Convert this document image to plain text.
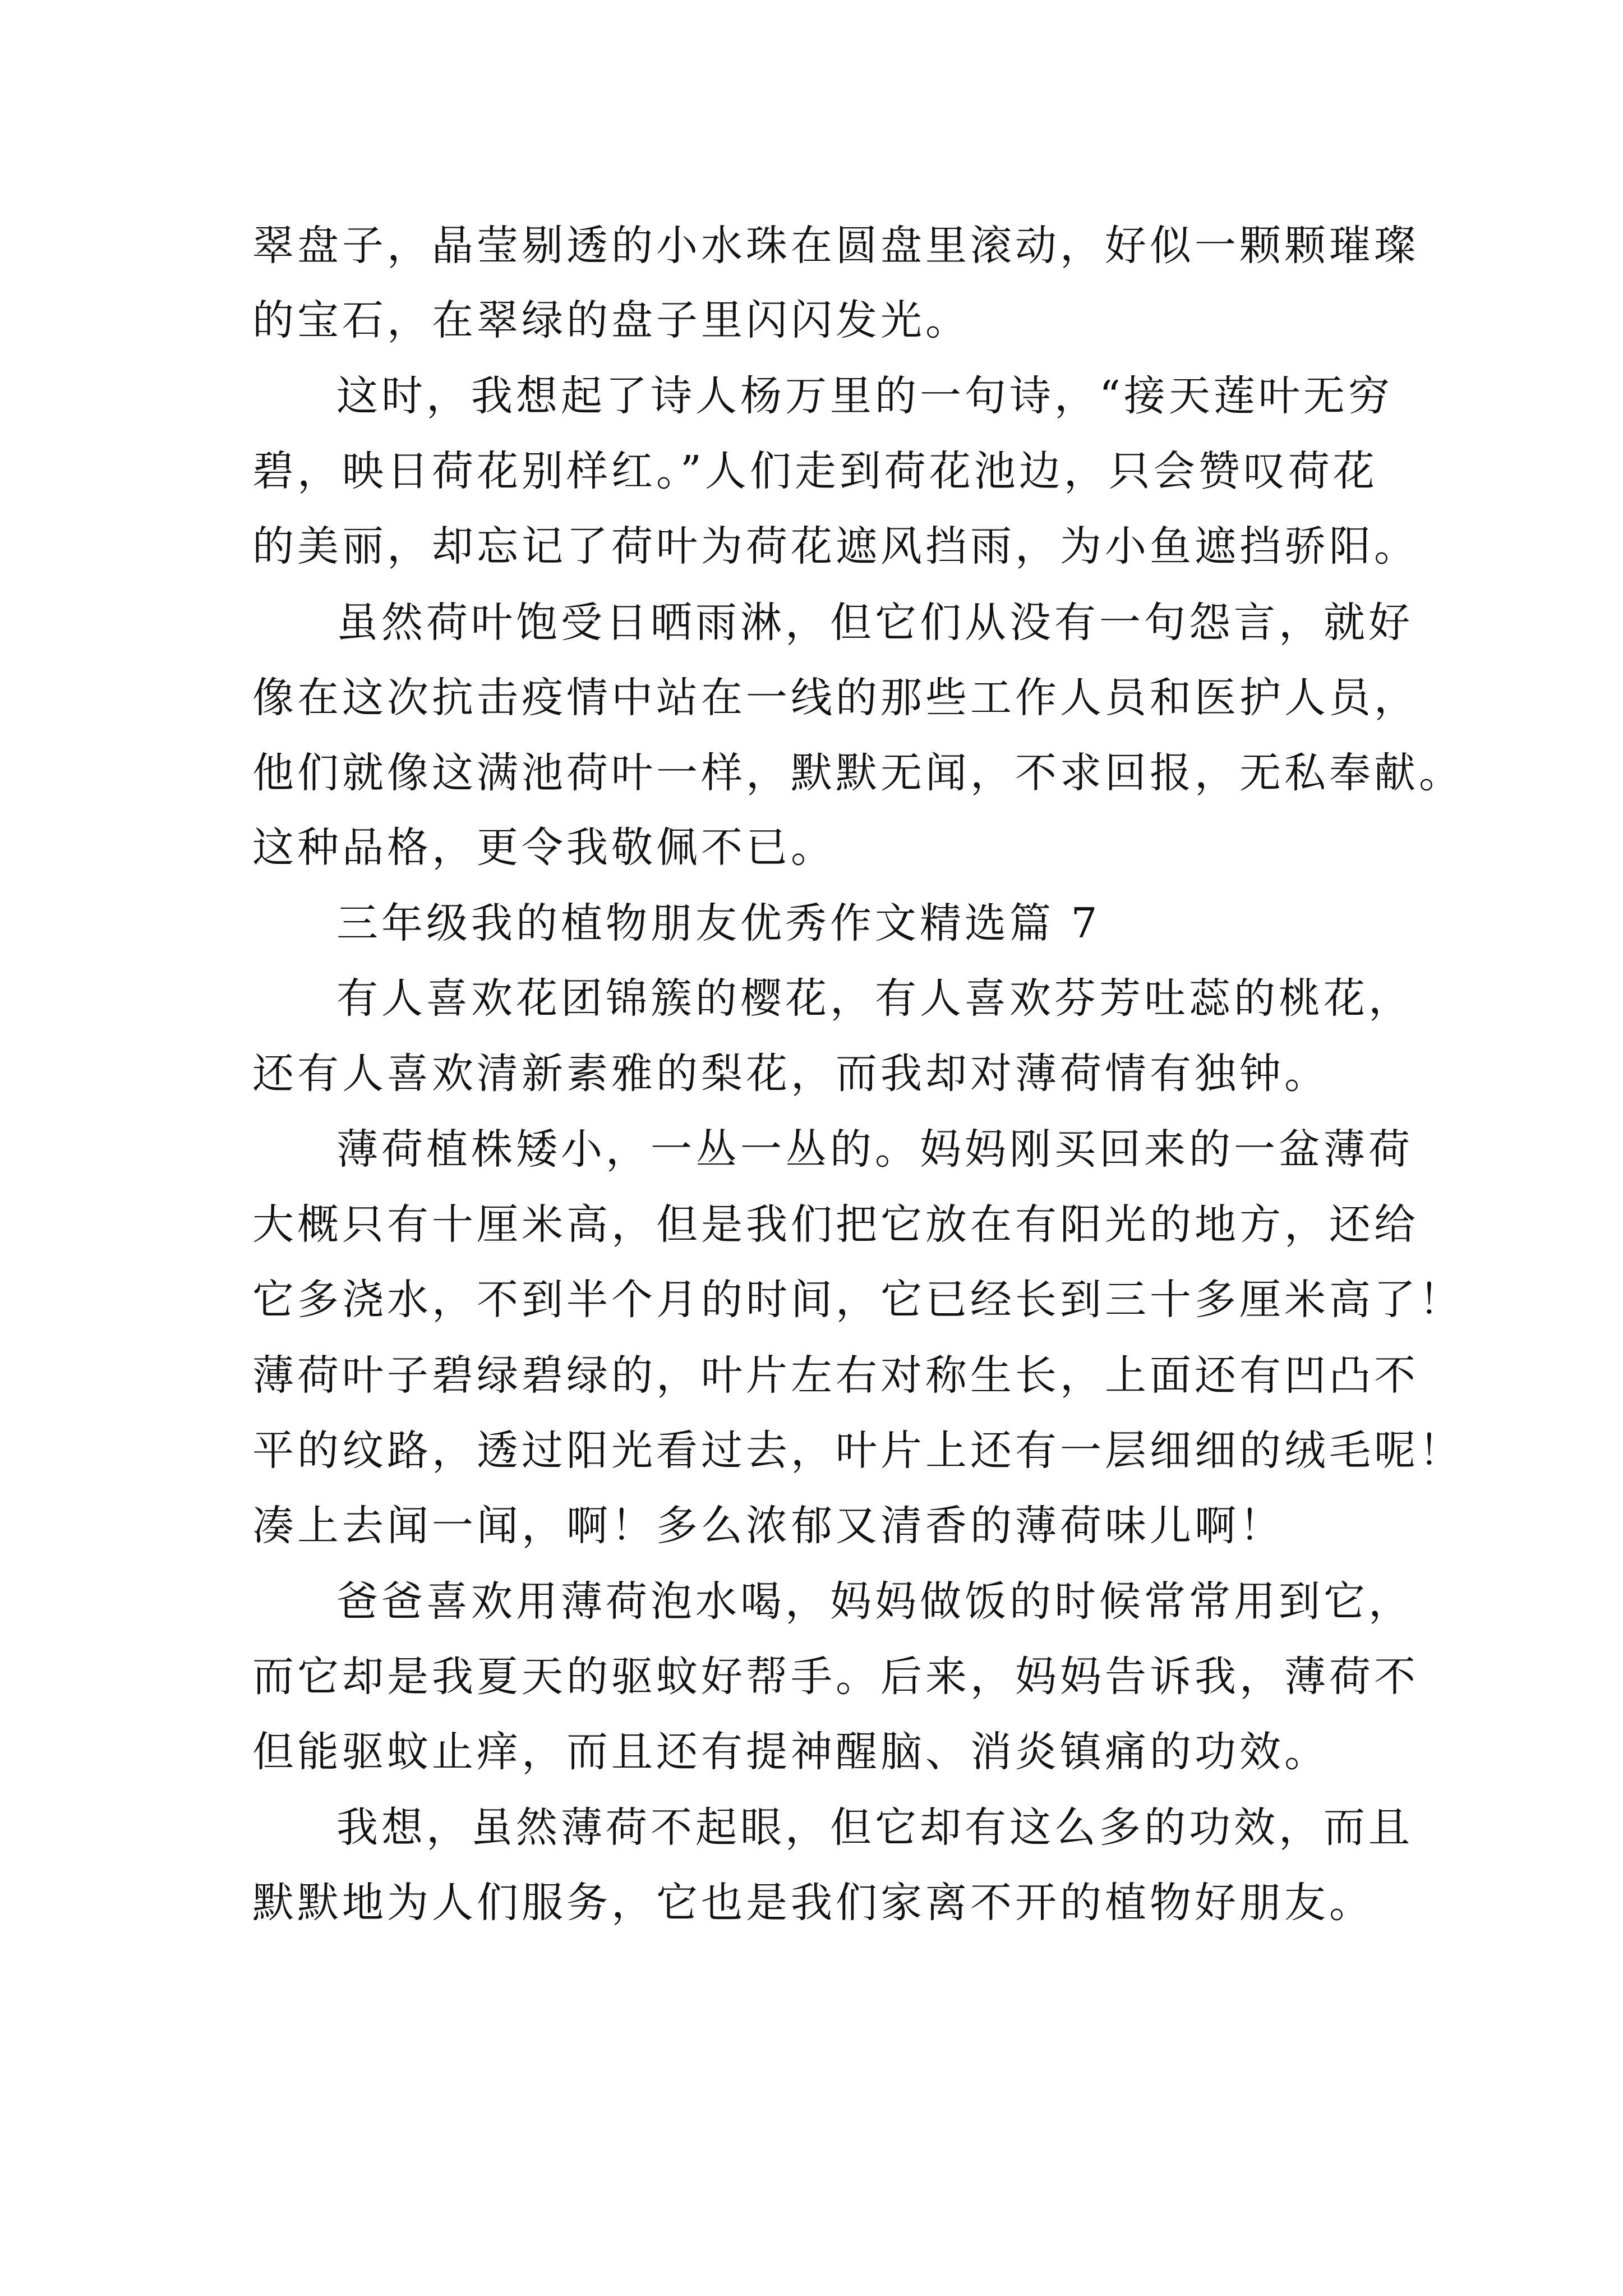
翠盘子，晶莹剔透的小水珠在圆盘里滚动，好似一颗颗璀璨
的宝石，在翠绿的盘子里闪闪发光。
这时，我想起了诗人杨万里的一句诗，“接天莲叶无穷
碧，映日荷花别样红。”人们走到荷花池边，只会赞叹荷花
的美丽，却忘记了荷叶为荷花遮风挡雨，为小鱼遮挡骄阳。
虽然荷叶饱受日晒雨淋，但它们从没有一句怨言，就好
像在这次抗击疫情中站在一线的那些工作人员和医护人员，
他们就像这满池荷叶一样，默默无闻，不求回报，无私奉献。
这种品格，更令我敬佩不已。
三年级我的植物朋友优秀作文精选篇 7
有人喜欢花团锦簇的樱花，有人喜欢芬芳吐蕊的桃花，
还有人喜欢清新素雅的梨花，而我却对薄荷情有独钟。
薄荷植株矮小，一丛一丛的。妈妈刚买回来的一盆薄荷
大概只有十厘米高，但是我们把它放在有阳光的地方，还给
它多浇水，不到半个月的时间，它已经长到三十多厘米高了！
薄荷叶子碧绿碧绿的，叶片左右对称生长，上面还有凹凸不
平的纹路，透过阳光看过去，叶片上还有一层细细的绒毛呢！
凑上去闻一闻，啊！多么浓郁又清香的薄荷味儿啊！
爸爸喜欢用薄荷泡水喝，妈妈做饭的时候常常用到它，
而它却是我夏天的驱蚊好帮手。后来，妈妈告诉我，薄荷不
但能驱蚊止痒，而且还有提神醒脑、消炎镇痛的功效。
我想，虽然薄荷不起眼，但它却有这么多的功效，而且
默默地为人们服务，它也是我们家离不开的植物好朋友。
